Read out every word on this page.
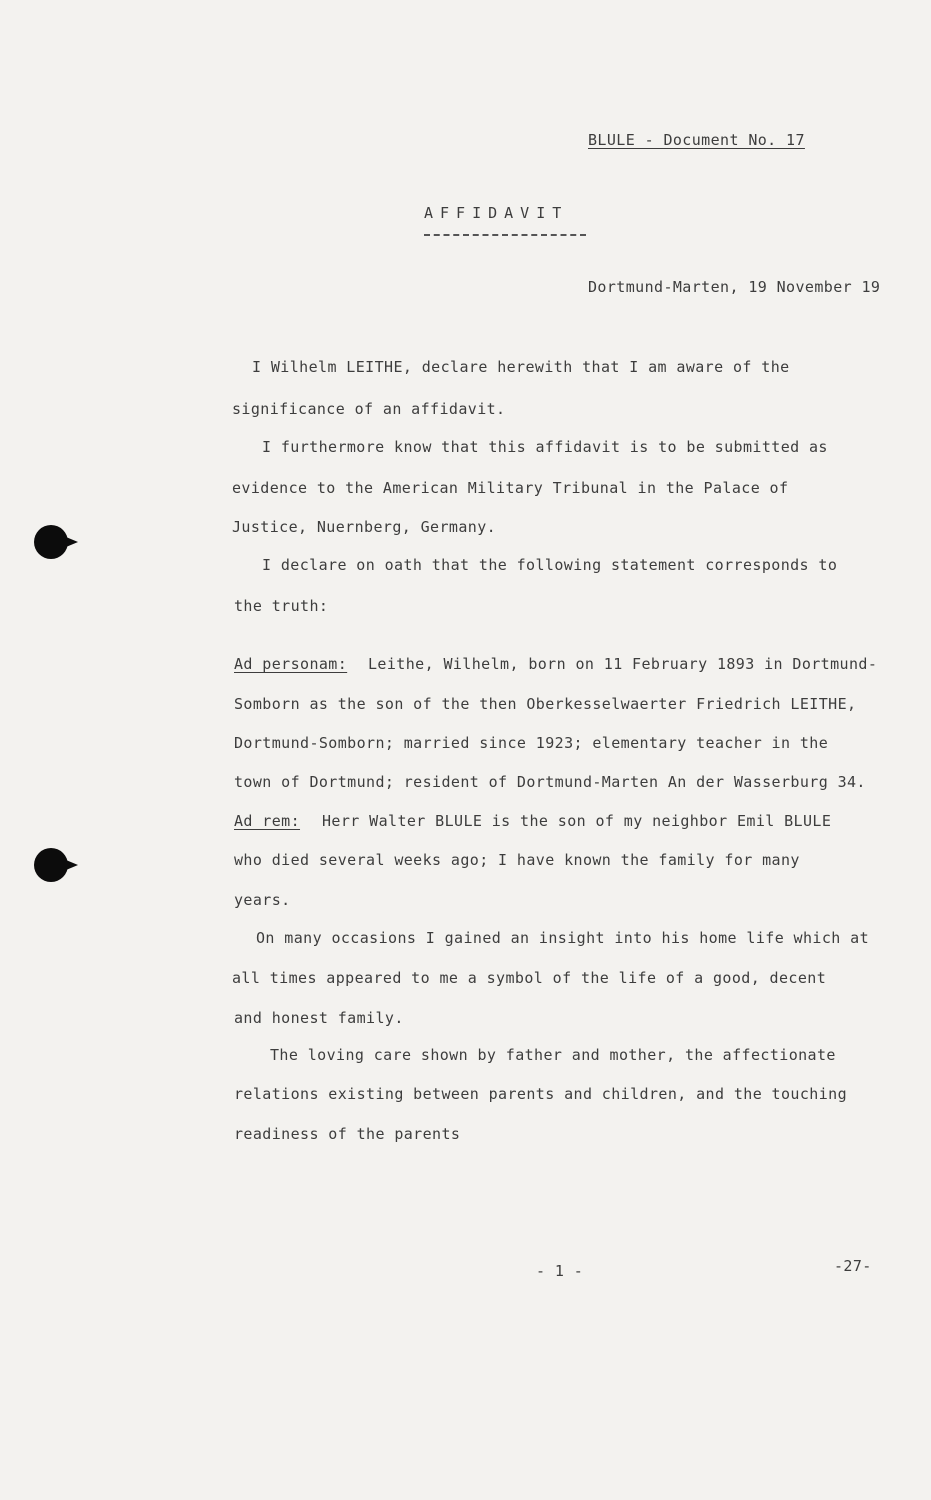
BLULE - Document No. 17
AFFIDAVIT
Dortmund-Marten, 19 November 19
I Wilhelm LEITHE, declare herewith that I am aware of the
significance of an affidavit.
I furthermore know that this affidavit is to be submitted as
evidence to the American Military Tribunal in the Palace of
Justice, Nuernberg, Germany.
I declare on oath that the following statement corresponds to
the truth:
Ad personam: Leithe, Wilhelm, born on 11 February 1893 in Dortmund-
Somborn as the son of the then Oberkesselwaerter Friedrich LEITHE,
Dortmund-Somborn; married since 1923; elementary teacher in the
town of Dortmund; resident of Dortmund-Marten An der Wasserburg 34.
Ad rem: Herr Walter BLULE is the son of my neighbor Emil BLULE
who died several weeks ago; I have known the family for many
years.
On many occasions I gained an insight into his home life which at
all times appeared to me a symbol of the life of a good, decent
and honest family.
The loving care shown by father and mother, the affectionate
relations existing between parents and children, and the touching
readiness of the parents
- 1 -	-27-
